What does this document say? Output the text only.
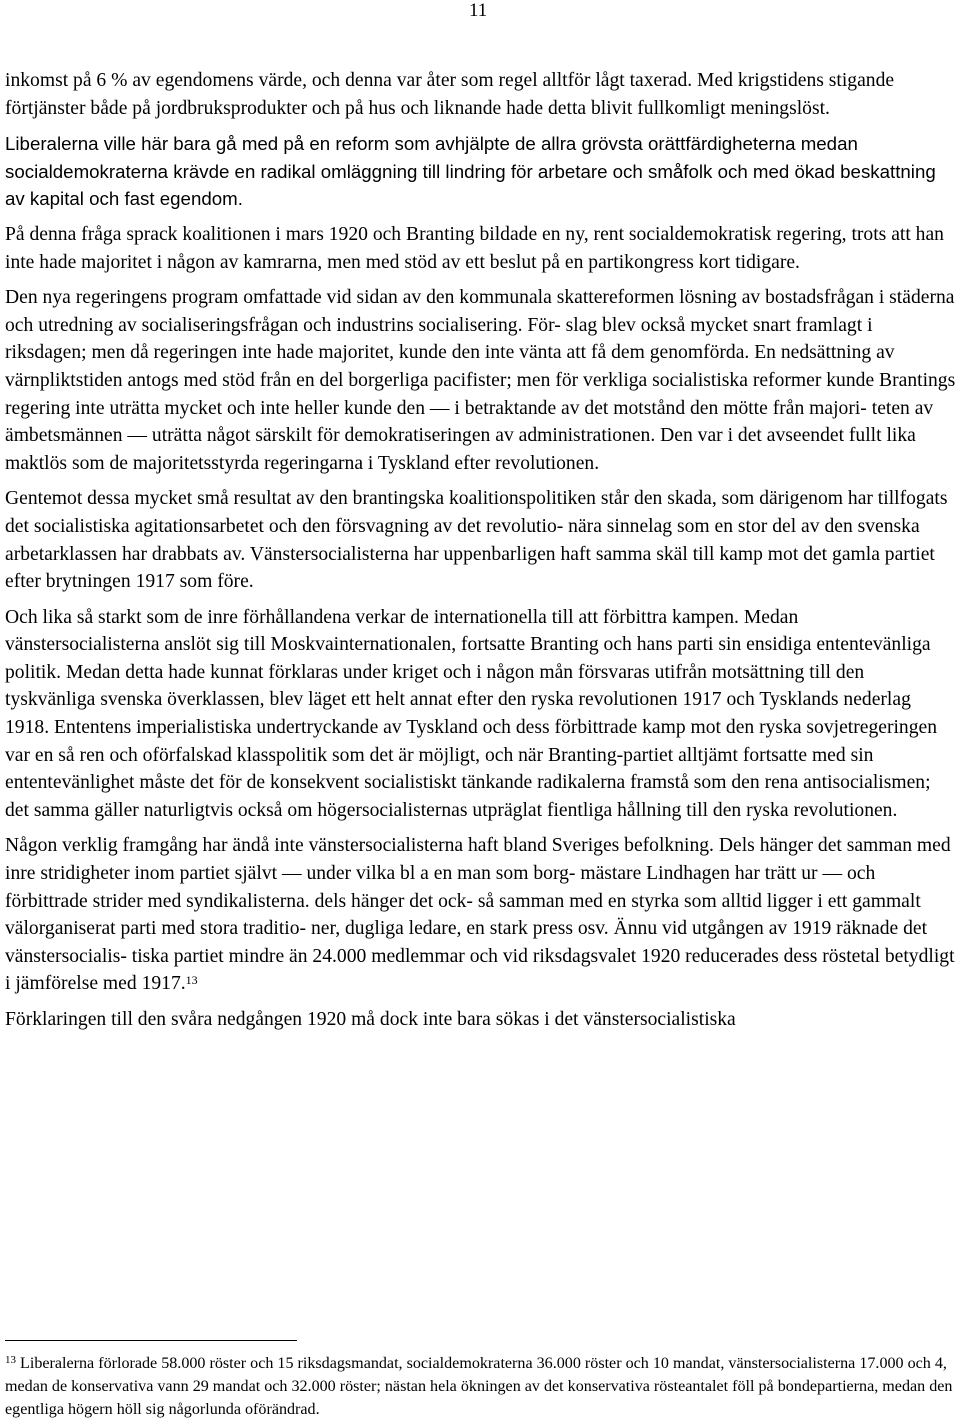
11

inkomst på 6 % av egendomens värde, och denna var åter som regel alltför lågt taxerad. Med krigstidens stigande förtjänster både på jordbruksprodukter och på hus och liknande hade detta blivit fullkomligt meningslöst.

Liberalerna ville här bara gå med på en reform som avhjälpte de allra grövsta orättfärdigheterna medan socialdemokraterna krävde en radikal omläggning till lindring för arbetare och småfolk och med ökad beskattning av kapital och fast egendom.

På denna fråga sprack koalitionen i mars 1920 och Branting bildade en ny, rent socialdemokratisk regering, trots att han inte hade majoritet i någon av kamrarna, men med stöd av ett beslut på en partikongress kort tidigare.

Den nya regeringens program omfattade vid sidan av den kommunala skattereformen lösning av bostadsfrågan i städerna och utredning av socialiseringsfrågan och industrins socialisering. För- slag blev också mycket snart framlagt i riksdagen; men då regeringen inte hade majoritet, kunde den inte vänta att få dem genomförda. En nedsättning av värnpliktstiden antogs med stöd från en del borgerliga pacifister; men för verkliga socialistiska reformer kunde Brantings regering inte uträtta mycket och inte heller kunde den — i betraktande av det motstånd den mötte från majori- teten av ämbetsmännen — uträtta något särskilt för demokratiseringen av administrationen. Den var i det avseendet fullt lika maktlös som de majoritetsstyrda regeringarna i Tyskland efter revolutionen.

Gentemot dessa mycket små resultat av den brantingska koalitionspolitiken står den skada, som därigenom har tillfogats det socialistiska agitationsarbetet och den försvagning av det revolutio- nära sinnelag som en stor del av den svenska arbetarklassen har drabbats av. Vänstersocialisterna har uppenbarligen haft samma skäl till kamp mot det gamla partiet efter brytningen 1917 som före.

Och lika så starkt som de inre förhållandena verkar de internationella till att förbittra kampen. Medan vänstersocialisterna anslöt sig till Moskvainternationalen, fortsatte Branting och hans parti sin ensidiga ententevänliga politik. Medan detta hade kunnat förklaras under kriget och i någon mån försvaras utifrån motsättning till den tyskvänliga svenska överklassen, blev läget ett helt annat efter den ryska revolutionen 1917 och Tysklands nederlag 1918. Ententens imperialistiska undertryckande av Tyskland och dess förbittrade kamp mot den ryska sovjetregeringen var en så ren och oförfalskad klasspolitik som det är möjligt, och när Branting-partiet alltjämt fortsatte med sin ententevänlighet måste det för de konsekvent socialistiskt tänkande radikalerna framstå som den rena antisocialismen; det samma gäller naturligtvis också om högersocialisternas utpräglat fientliga hållning till den ryska revolutionen.

Någon verklig framgång har ändå inte vänstersocialisterna haft bland Sveriges befolkning. Dels hänger det samman med inre stridigheter inom partiet självt — under vilka bl a en man som borg- mästare Lindhagen har trätt ur — och förbittrade strider med syndikalisterna. dels hänger det ock- så samman med en styrka som alltid ligger i ett gammalt välorganiserat parti med stora traditio- ner, dugliga ledare, en stark press osv. Ännu vid utgången av 1919 räknade det vänstersocialis- tiska partiet mindre än 24.000 medlemmar och vid riksdagsvalet 1920 reducerades dess röstetal betydligt i jämförelse med 1917.13

Förklaringen till den svåra nedgången 1920 må dock inte bara sökas i det vänstersocialistiska

$^{13}$ Liberalerna förlorade 58.000 röster och 15 riksdagsmandat, socialdemokraterna 36.000 röster och 10 mandat, vänstersocialisterna 17.000 och 4, medan de konservativa vann 29 mandat och 32.000 röster; nästan hela ökningen av det konservativa rösteantalet föll på bondepartierna, medan den egentliga högern höll sig någorlunda oförändrad.
